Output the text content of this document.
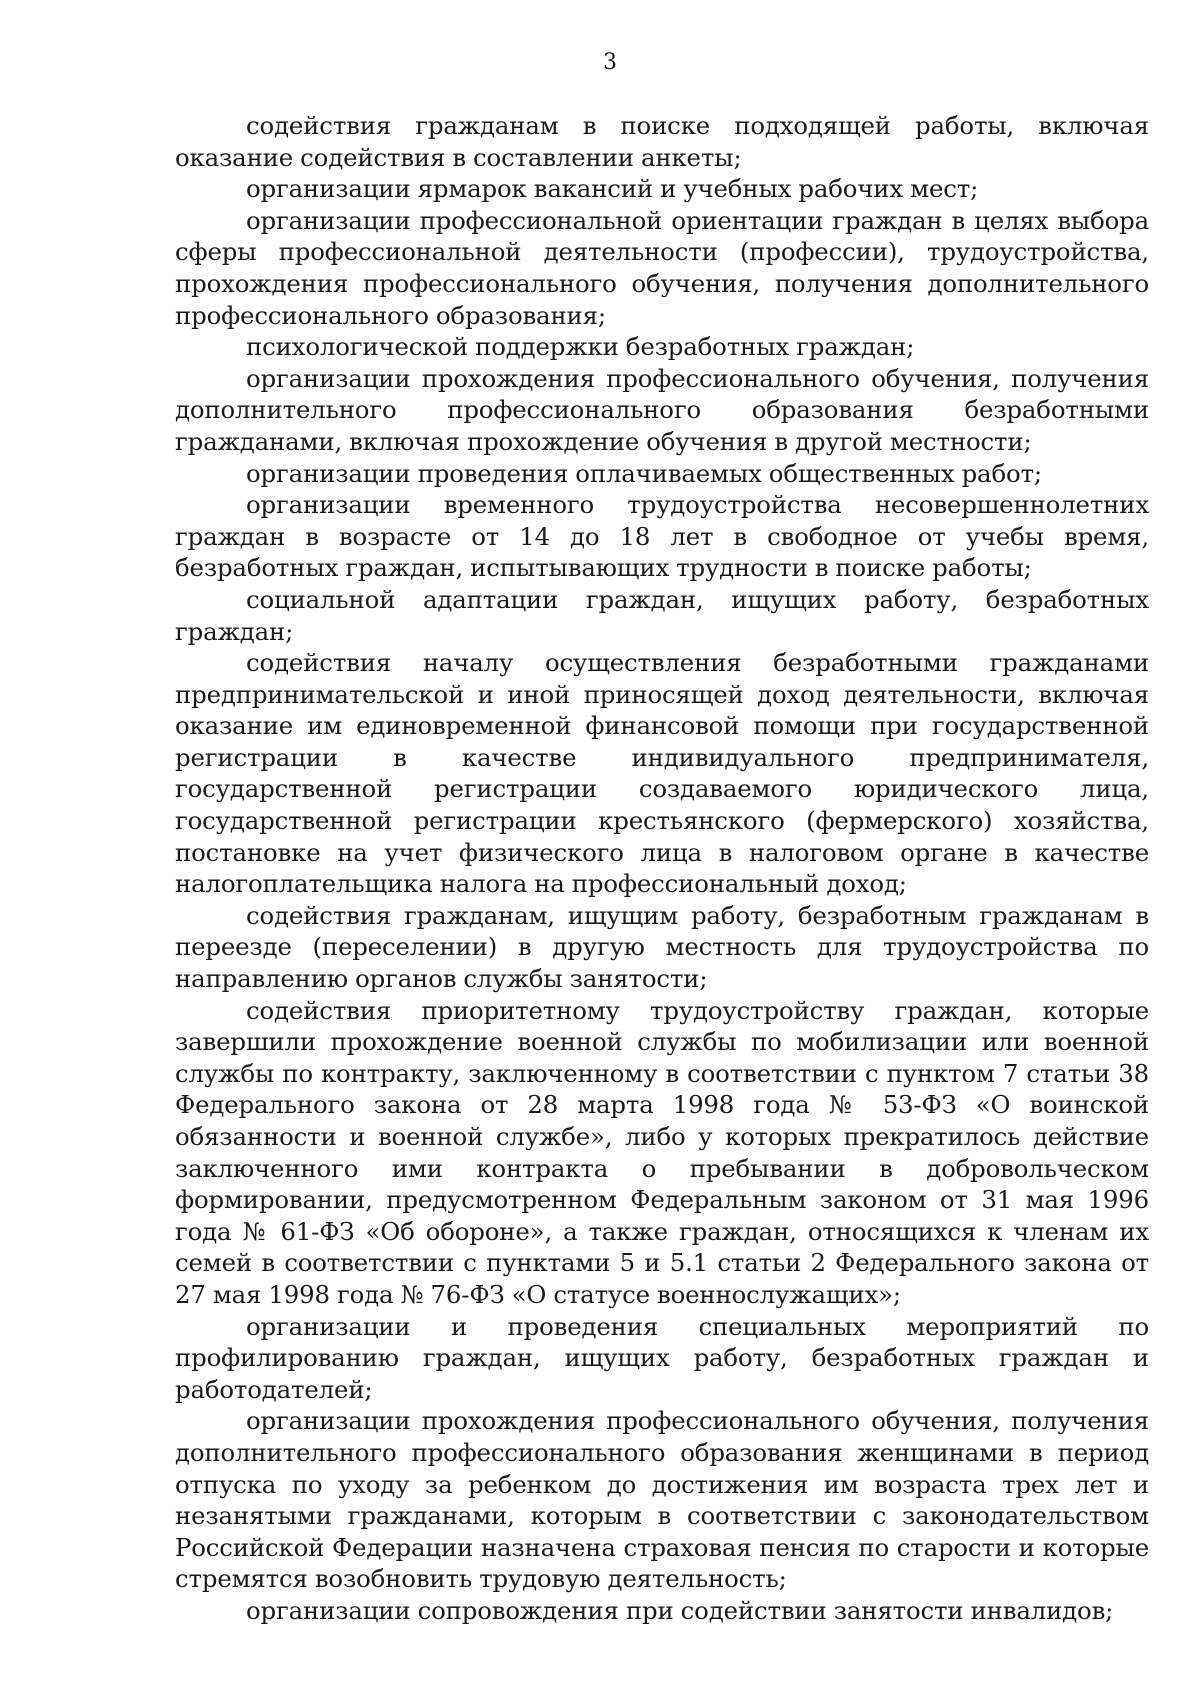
3

содействия гражданам в поиске подходящей работы, включая оказание содействия в составлении анкеты;

организации ярмарок вакансий и учебных рабочих мест;

организации профессиональной ориентации граждан в целях выбора сферы профессиональной деятельности (профессии), трудоустройства, прохождения профессионального обучения, получения дополнительного профессионального образования;

психологической поддержки безработных граждан;

организации прохождения профессионального обучения, получения дополнительного профессионального образования безработными гражданами, включая прохождение обучения в другой местности;

организации проведения оплачиваемых общественных работ;

организации временного трудоустройства несовершеннолетних граждан в возрасте от 14 до 18 лет в свободное от учебы время, безработных граждан, испытывающих трудности в поиске работы;

социальной адаптации граждан, ищущих работу, безработных граждан;

содействия началу осуществления безработными гражданами предпринимательской и иной приносящей доход деятельности, включая оказание им единовременной финансовой помощи при государственной регистрации в качестве индивидуального предпринимателя, государственной регистрации создаваемого юридического лица, государственной регистрации крестьянского (фермерского) хозяйства, постановке на учет физического лица в налоговом органе в качестве налогоплательщика налога на профессиональный доход;

содействия гражданам, ищущим работу, безработным гражданам в переезде (переселении) в другую местность для трудоустройства по направлению органов службы занятости;

содействия приоритетному трудоустройству граждан, которые завершили прохождение военной службы по мобилизации или военной службы по контракту, заключенному в соответствии с пунктом 7 статьи 38 Федерального закона от 28 марта 1998 года № 53-ФЗ «О воинской обязанности и военной службе», либо у которых прекратилось действие заключенного ими контракта о пребывании в добровольческом формировании, предусмотренном Федеральным законом от 31 мая 1996 года № 61-ФЗ «Об обороне», а также граждан, относящихся к членам их семей в соответствии с пунктами 5 и 5.1 статьи 2 Федерального закона от 27 мая 1998 года № 76-ФЗ «О статусе военнослужащих»;

организации и проведения специальных мероприятий по профилированию граждан, ищущих работу, безработных граждан и работодателей;

организации прохождения профессионального обучения, получения дополнительного профессионального образования женщинами в период отпуска по уходу за ребенком до достижения им возраста трех лет и незанятыми гражданами, которым в соответствии с законодательством Российской Федерации назначена страховая пенсия по старости и которые стремятся возобновить трудовую деятельность;

организации сопровождения при содействии занятости инвалидов;
